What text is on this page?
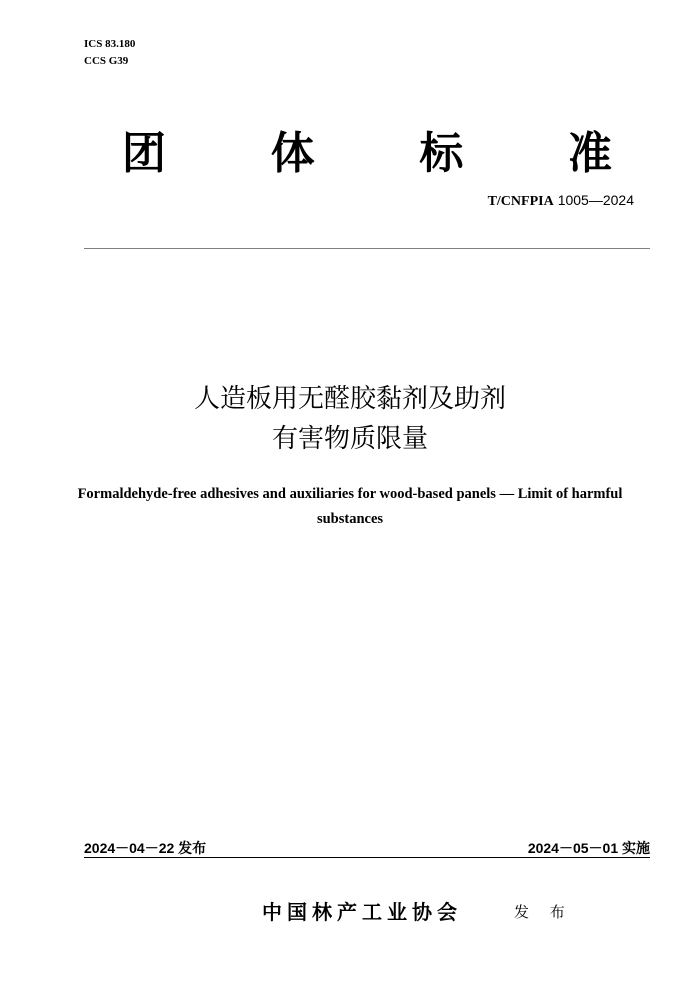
ICS 83.180
CCS G39
团 体 标 准
T/CNFPIA 1005—2024
人造板用无醛胶黏剂及助剂
有害物质限量
Formaldehyde-free adhesives and auxiliaries for wood-based panels — Limit of harmful substances
2024－04－22 发布	2024－05－01 实施
中国林产工业协会	发 布
